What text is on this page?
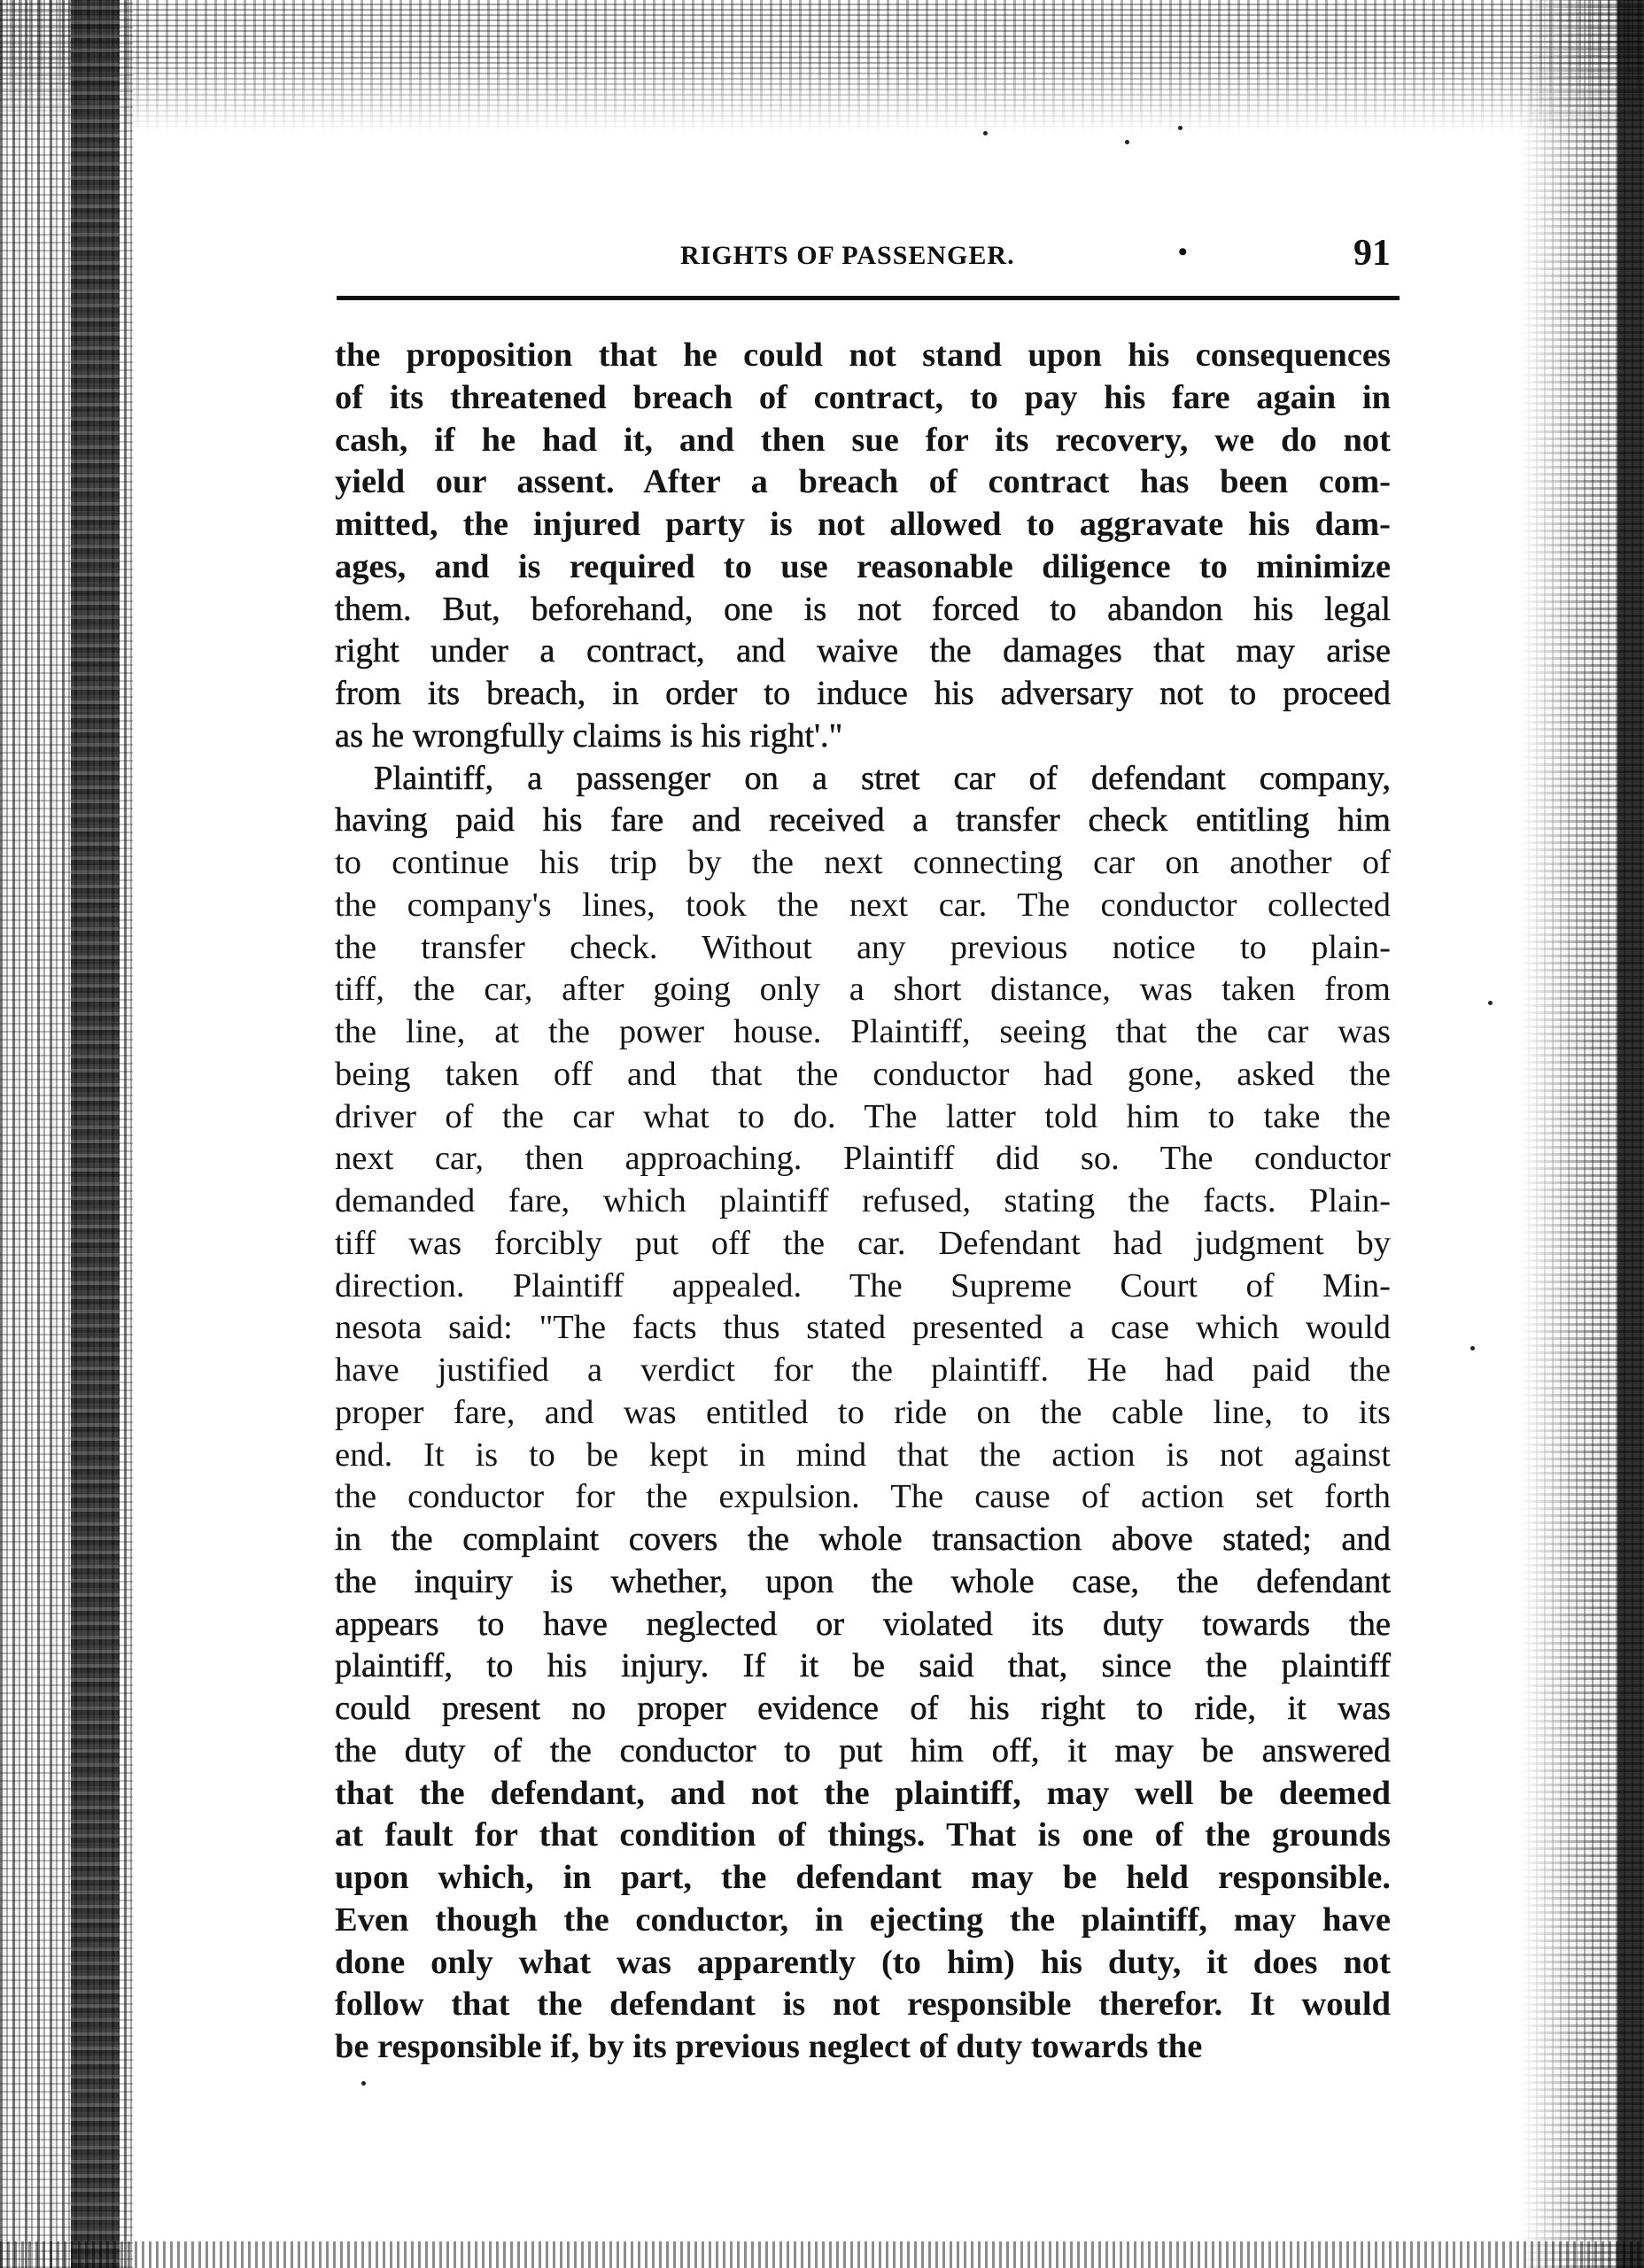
RIGHTS OF PASSENGER.	•	91
the proposition that he could not stand upon his consequences
of its threatened breach of contract, to pay his fare again in
cash, if he had it, and then sue for its recovery, we do not
yield our assent. After a breach of contract has been com-
mitted, the injured party is not allowed to aggravate his dam-
ages, and is required to use reasonable diligence to minimize
them. But, beforehand, one is not forced to abandon his legal
right under a contract, and waive the damages that may arise
from its breach, in order to induce his adversary not to proceed
as he wrongfully claims is his right'."
Plaintiff, a passenger on a stret car of defendant company,
having paid his fare and received a transfer check entitling him
to continue his trip by the next connecting car on another of
the company's lines, took the next car. The conductor collected
the transfer check. Without any previous notice to plain-
tiff, the car, after going only a short distance, was taken from
the line, at the power house. Plaintiff, seeing that the car was
being taken off and that the conductor had gone, asked the
driver of the car what to do. The latter told him to take the
next car, then approaching. Plaintiff did so. The conductor
demanded fare, which plaintiff refused, stating the facts. Plain-
tiff was forcibly put off the car. Defendant had judgment by
direction. Plaintiff appealed. The Supreme Court of Min-
nesota said: "The facts thus stated presented a case which would
have justified a verdict for the plaintiff. He had paid the
proper fare, and was entitled to ride on the cable line, to its
end. It is to be kept in mind that the action is not against
the conductor for the expulsion. The cause of action set forth
in the complaint covers the whole transaction above stated; and
the inquiry is whether, upon the whole case, the defendant
appears to have neglected or violated its duty towards the
plaintiff, to his injury. If it be said that, since the plaintiff
could present no proper evidence of his right to ride, it was
the duty of the conductor to put him off, it may be answered
that the defendant, and not the plaintiff, may well be deemed
at fault for that condition of things. That is one of the grounds
upon which, in part, the defendant may be held responsible.
Even though the conductor, in ejecting the plaintiff, may have
done only what was apparently (to him) his duty, it does not
follow that the defendant is not responsible therefor. It would
be responsible if, by its previous neglect of duty towards the
